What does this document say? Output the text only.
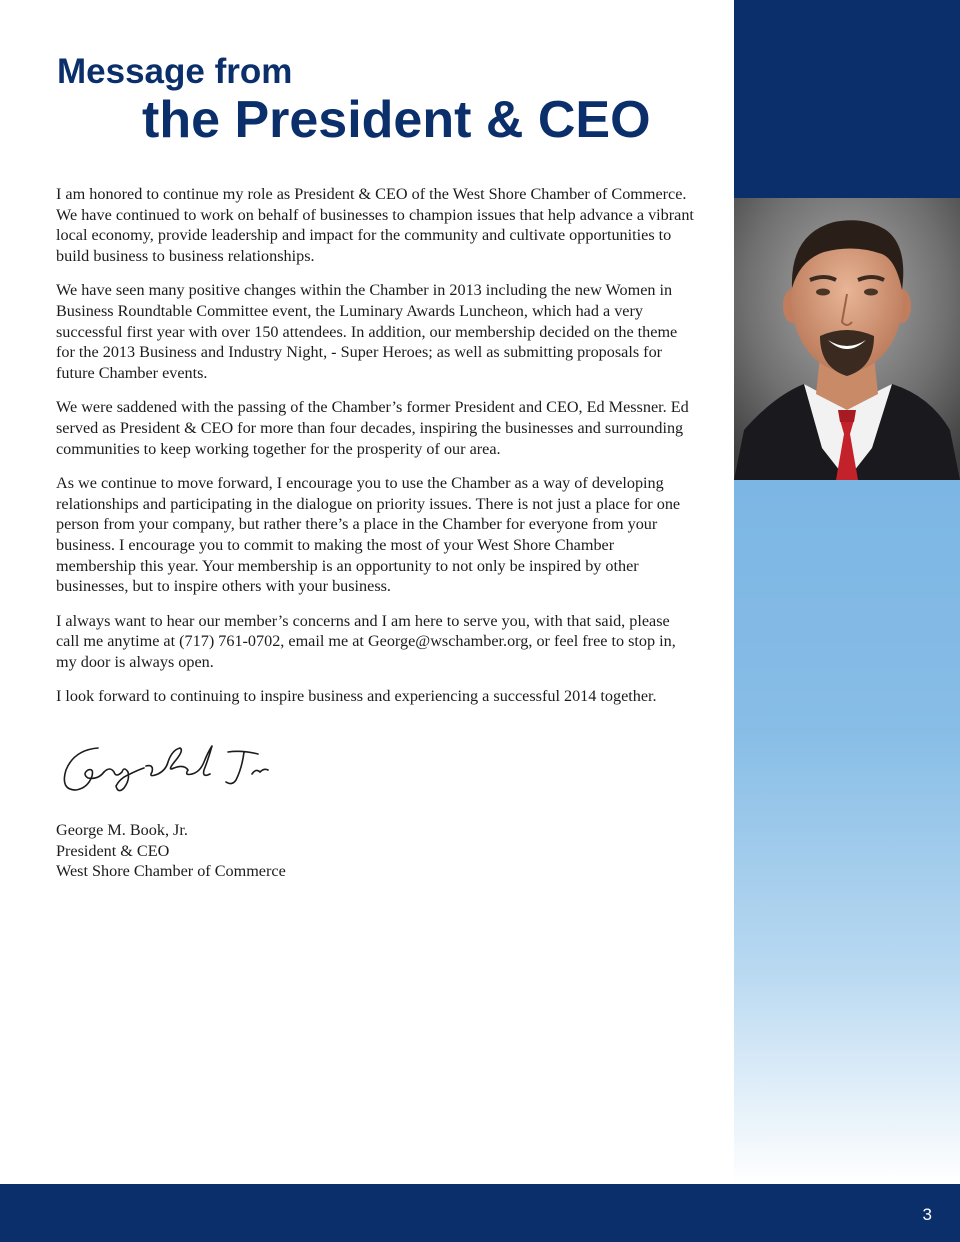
Message from
the President & CEO

I am honored to continue my role as President & CEO of the West Shore Chamber of Commerce. We have continued to work on behalf of businesses to champion issues that help advance a vibrant local economy, provide leadership and impact for the community and cultivate opportunities to build business to business relationships.

We have seen many positive changes within the Chamber in 2013 including the new Women in Business Roundtable Committee event, the Luminary Awards Luncheon, which had a very successful first year with over 150 attendees. In addition, our membership decided on the theme for the 2013 Business and Industry Night, - Super Heroes; as well as submitting proposals for future Chamber events.

We were saddened with the passing of the Chamber’s former President and CEO, Ed Messner. Ed served as President & CEO for more than four decades, inspiring the businesses and surrounding communities to keep working together for the prosperity of our area.

As we continue to move forward, I encourage you to use the Chamber as a way of developing relationships and participating in the dialogue on priority issues. There is not just a place for one person from your company, but rather there’s a place in the Chamber for everyone from your business. I encourage you to commit to making the most of your West Shore Chamber membership this year. Your membership is an opportunity to not only be inspired by other businesses, but to inspire others with your business.

I always want to hear our member’s concerns and I am here to serve you, with that said, please call me anytime at (717) 761-0702, email me at George@wschamber.org, or feel free to stop in, my door is always open.

I look forward to continuing to inspire business and experiencing a successful 2014 together.

George M. Book, Jr.
President & CEO
West Shore Chamber of Commerce
3
